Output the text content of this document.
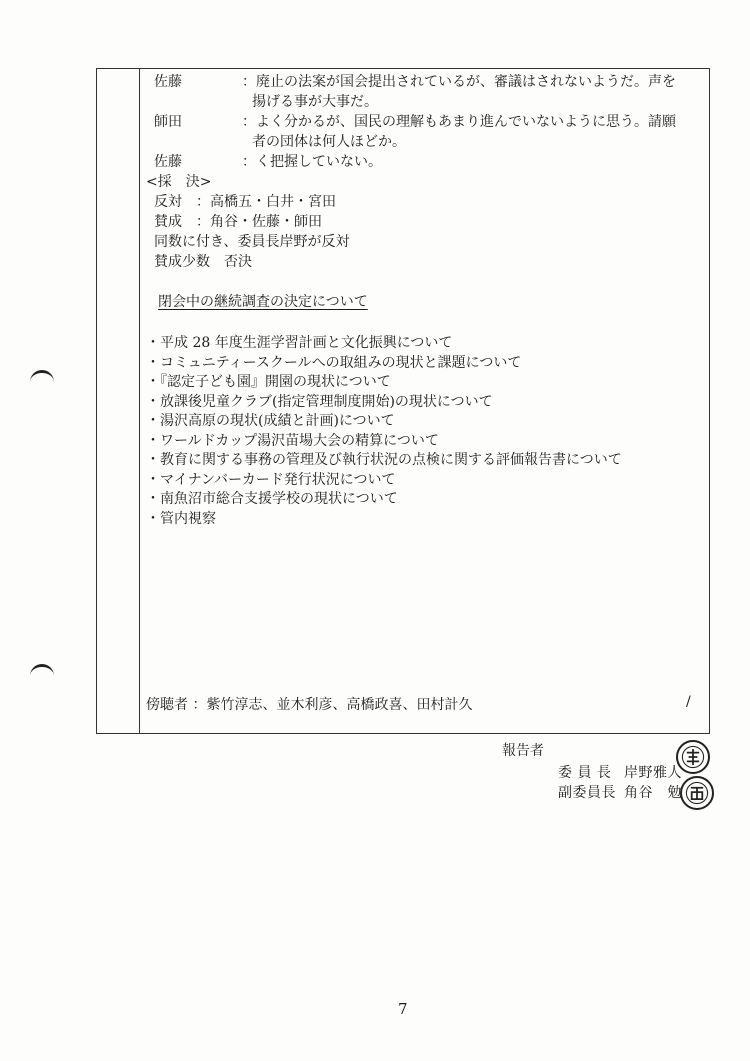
佐藤	：廃止の法案が国会提出されているが、審議はされないようだ。声を
揚げる事が大事だ。
師田	：よく分かるが、国民の理解もあまり進んでいないように思う。請願
者の団体は何人ほどか。
佐藤	：く把握していない。
<採　決>
反対　：高橋五・白井・宮田
賛成　：角谷・佐藤・師田
同数に付き、委員長岸野が反対
賛成少数　否決
閉会中の継続調査の決定について
・平成 28 年度生涯学習計画と文化振興について
・コミュニティースクールへの取組みの現状と課題について
・『認定子ども園』開園の現状について
・放課後児童クラブ(指定管理制度開始)の現状について
・湯沢高原の現状(成績と計画)について
・ワールドカップ湯沢苗場大会の精算について
・教育に関する事務の管理及び執行状況の点検に関する評価報告書について
・マイナンバーカード発行状況について
・南魚沼市総合支援学校の現状について
・管内視察
傍聴者 ：紫竹淳志、並木利彦、高橋政喜、田村計久	/
報告者
委 員 長 岸野雅人
副委員長 角谷　勉
7
